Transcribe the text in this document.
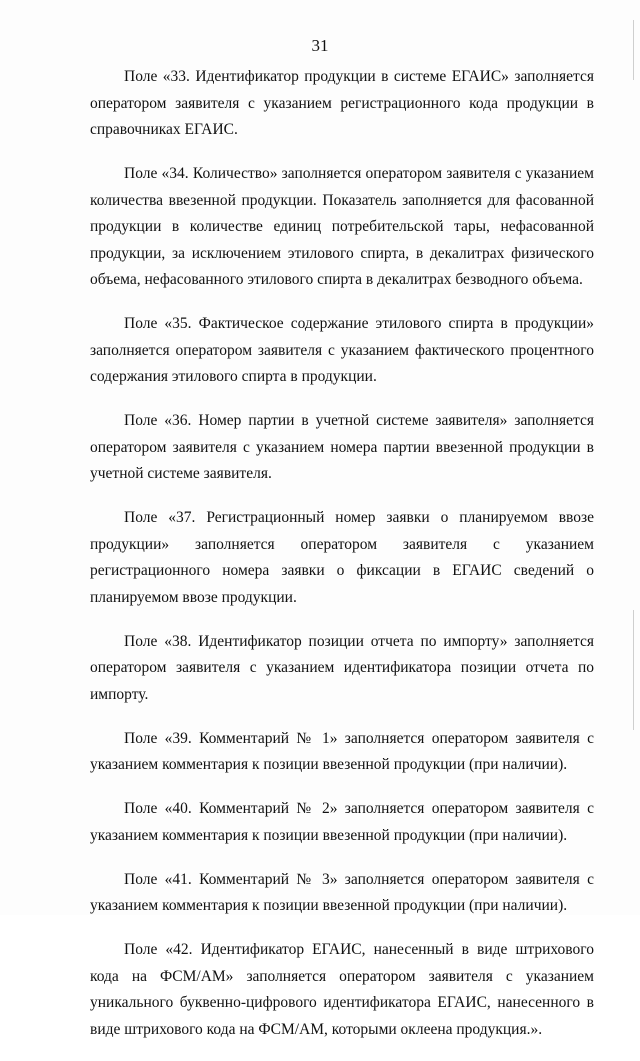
31

Поле «33. Идентификатор продукции в системе ЕГАИС» заполняется оператором заявителя с указанием регистрационного кода продукции в справочниках ЕГАИС.

Поле «34. Количество» заполняется оператором заявителя с указанием количества ввезенной продукции. Показатель заполняется для фасованной продукции в количестве единиц потребительской тары, нефасованной продукции, за исключением этилового спирта, в декалитрах физического объема, нефасованного этилового спирта в декалитрах безводного объема.

Поле «35. Фактическое содержание этилового спирта в продукции» заполняется оператором заявителя с указанием фактического процентного содержания этилового спирта в продукции.

Поле «36. Номер партии в учетной системе заявителя» заполняется оператором заявителя с указанием номера партии ввезенной продукции в учетной системе заявителя.

Поле «37. Регистрационный номер заявки о планируемом ввозе продукции» заполняется оператором заявителя с указанием регистрационного номера заявки о фиксации в ЕГАИС сведений о планируемом ввозе продукции.

Поле «38. Идентификатор позиции отчета по импорту» заполняется оператором заявителя с указанием идентификатора позиции отчета по импорту.

Поле «39. Комментарий № 1» заполняется оператором заявителя с указанием комментария к позиции ввезенной продукции (при наличии).

Поле «40. Комментарий № 2» заполняется оператором заявителя с указанием комментария к позиции ввезенной продукции (при наличии).

Поле «41. Комментарий № 3» заполняется оператором заявителя с указанием комментария к позиции ввезенной продукции (при наличии).

Поле «42. Идентификатор ЕГАИС, нанесенный в виде штрихового кода на ФСМ/АМ» заполняется оператором заявителя с указанием уникального буквенно-цифрового идентификатора ЕГАИС, нанесенного в виде штрихового кода на ФСМ/АМ, которыми оклеена продукция.».
